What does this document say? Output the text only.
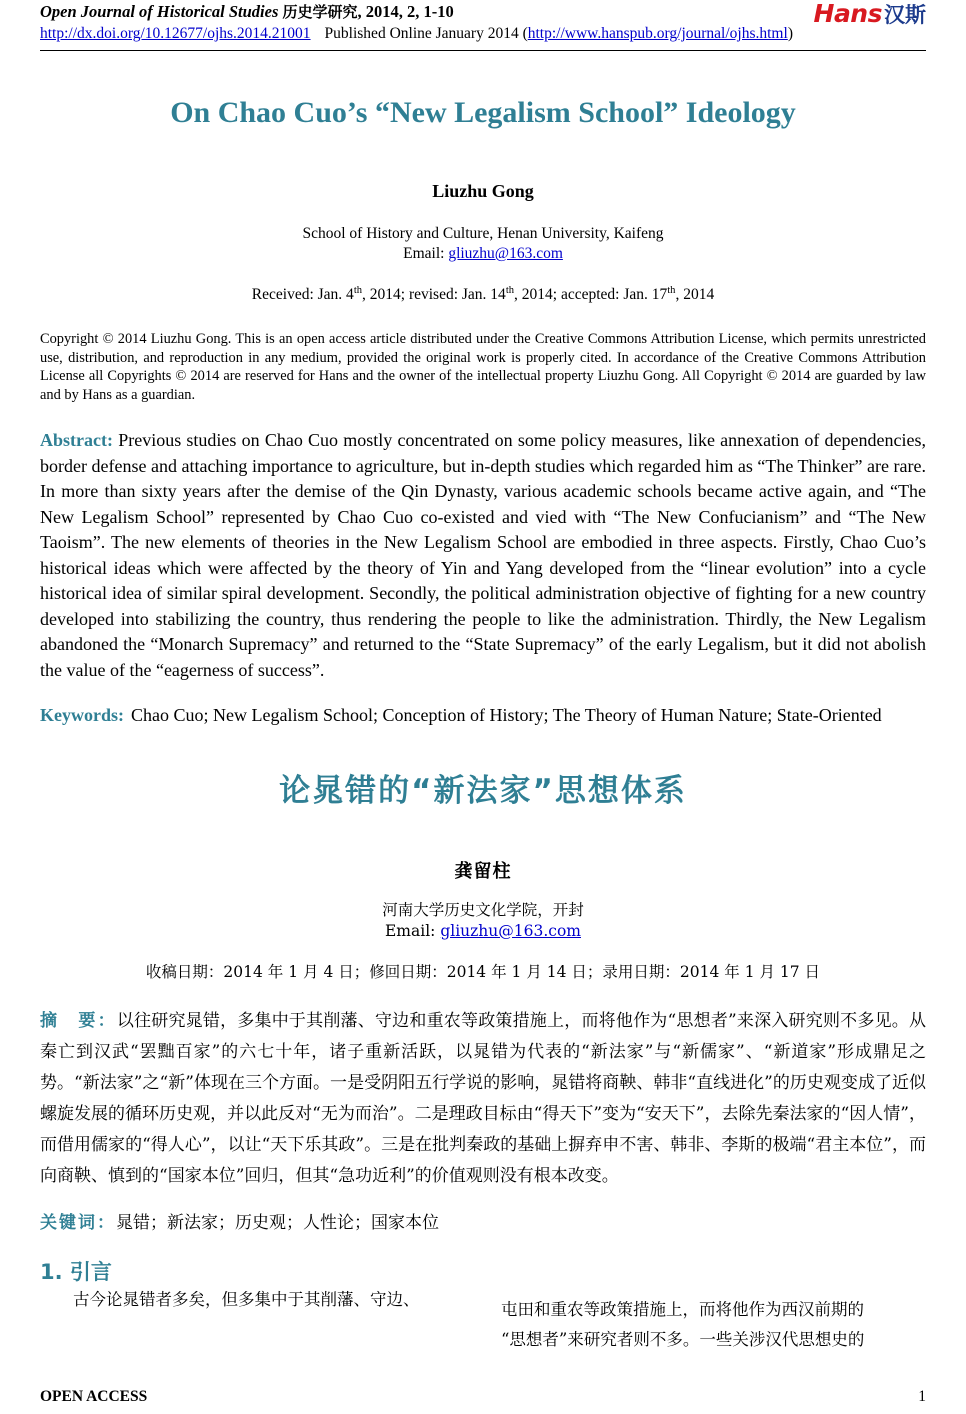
Open Journal of Historical Studies 历史学研究, 2014, 2, 1-10
http://dx.doi.org/10.12677/ojhs.2014.21001 Published Online January 2014 (http://www.hanspub.org/journal/ojhs.html)
Hans 汉斯
On Chao Cuo’s “New Legalism School” Ideology
Liuzhu Gong
School of History and Culture, Henan University, Kaifeng
Email: gliuzhu@163.com
Received: Jan. 4th, 2014; revised: Jan. 14th, 2014; accepted: Jan. 17th, 2014
Copyright © 2014 Liuzhu Gong. This is an open access article distributed under the Creative Commons Attribution License, which permits unrestricted use, distribution, and reproduction in any medium, provided the original work is properly cited. In accordance of the Creative Commons Attribution License all Copyrights © 2014 are reserved for Hans and the owner of the intellectual property Liuzhu Gong. All Copyright © 2014 are guarded by law and by Hans as a guardian.
Abstract: Previous studies on Chao Cuo mostly concentrated on some policy measures, like annexation of dependencies, border defense and attaching importance to agriculture, but in-depth studies which regarded him as “The Thinker” are rare. In more than sixty years after the demise of the Qin Dynasty, various academic schools became active again, and “The New Legalism School” represented by Chao Cuo co-existed and vied with “The New Confucianism” and “The New Taoism”. The new elements of theories in the New Legalism School are embodied in three aspects. Firstly, Chao Cuo’s historical ideas which were affected by the theory of Yin and Yang developed from the “linear evolution” into a cycle historical idea of similar spiral development. Secondly, the political administration objective of fighting for a new country developed into stabilizing the country, thus rendering the people to like the administration. Thirdly, the New Legalism abandoned the “Monarch Supremacy” and returned to the “State Supremacy” of the early Legalism, but it did not abolish the value of the “eagerness of success”.
Keywords: Chao Cuo; New Legalism School; Conception of History; The Theory of Human Nature; State-Oriented
论晁错的“新法家”思想体系
龚留柱
河南大学历史文化学院，开封
Email: gliuzhu@163.com
收稿日期：2014 年 1 月 4 日；修回日期：2014 年 1 月 14 日；录用日期：2014 年 1 月 17 日
摘　要：以往研究晁错，多集中于其削藩、守边和重农等政策措施上，而将他作为“思想者”来深入研究则不多见。从秦亡到汉武“罢黜百家”的六七十年，诸子重新活跃，以晁错为代表的“新法家”与“新儒家”、“新道家”形成鼎足之势。“新法家”之“新”体现在三个方面。一是受阴阳五行学说的影响，晁错将商鞅、韩非“直线进化”的历史观变成了近似螺旋发展的循环历史观，并以此反对“无为而治”。二是理政目标由“得天下”变为“安天下”，去除先秦法家的“因人情”，而借用儒家的“得人心”，以让“天下乐其政”。三是在批判秦政的基础上摒弃申不害、韩非、李斯的极端“君主本位”，而向商鞅、慎到的“国家本位”回归，但其“急功近利”的价值观则没有根本改变。
关键词：晁错；新法家；历史观；人性论；国家本位
1. 引言

古今论晁错者多矣，但多集中于其削藩、守边、

屯田和重农等政策措施上，而将他作为西汉前期的

“思想者”来研究者则不多。一些关涉汉代思想史的

OPEN ACCESS	1
